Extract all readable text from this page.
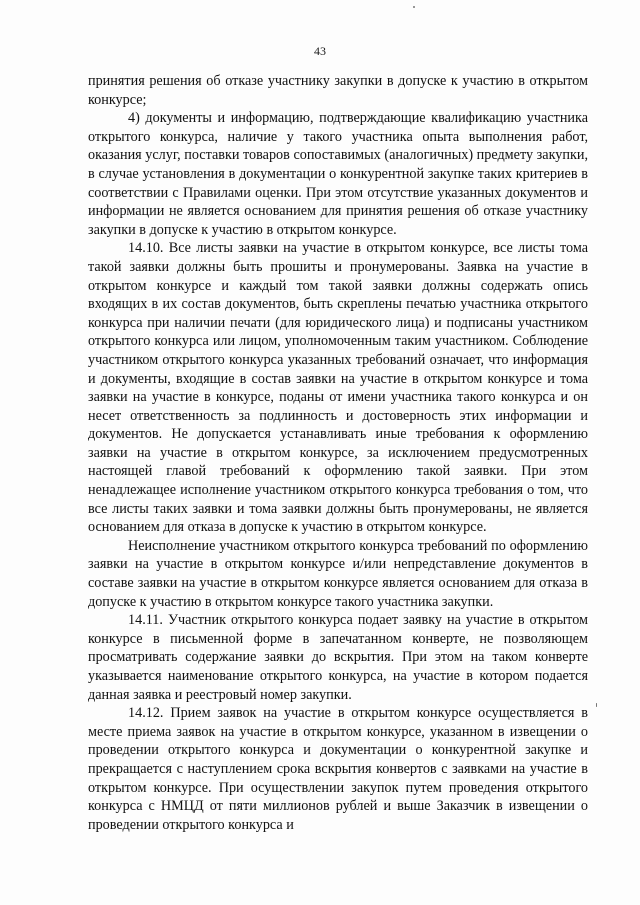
43

принятия решения об отказе участнику закупки в допуске к участию в открытом конкурсе;

4) документы и информацию, подтверждающие квалификацию участника открытого конкурса, наличие у такого участника опыта выполнения работ, оказания услуг, поставки товаров сопоставимых (аналогичных) предмету закупки, в случае установления в документации о конкурентной закупке таких критериев в соответствии с Правилами оценки. При этом отсутствие указанных документов и информации не является основанием для принятия решения об отказе участнику закупки в допуске к участию в открытом конкурсе.

14.10. Все листы заявки на участие в открытом конкурсе, все листы тома такой заявки должны быть прошиты и пронумерованы. Заявка на участие в открытом конкурсе и каждый том такой заявки должны содержать опись входящих в их состав документов, быть скреплены печатью участника открытого конкурса при наличии печати (для юридического лица) и подписаны участником открытого конкурса или лицом, уполномоченным таким участником. Соблюдение участником открытого конкурса указанных требований означает, что информация и документы, входящие в состав заявки на участие в открытом конкурсе и тома заявки на участие в конкурсе, поданы от имени участника такого конкурса и он несет ответственность за подлинность и достоверность этих информации и документов. Не допускается устанавливать иные требования к оформлению заявки на участие в открытом конкурсе, за исключением предусмотренных настоящей главой требований к оформлению такой заявки. При этом ненадлежащее исполнение участником открытого конкурса требования о том, что все листы таких заявки и тома заявки должны быть пронумерованы, не является основанием для отказа в допуске к участию в открытом конкурсе.

Неисполнение участником открытого конкурса требований по оформлению заявки на участие в открытом конкурсе и/или непредставление документов в составе заявки на участие в открытом конкурсе является основанием для отказа в допуске к участию в открытом конкурсе такого участника закупки.

14.11. Участник открытого конкурса подает заявку на участие в открытом конкурсе в письменной форме в запечатанном конверте, не позволяющем просматривать содержание заявки до вскрытия. При этом на таком конверте указывается наименование открытого конкурса, на участие в котором подается данная заявка и реестровый номер закупки.

14.12. Прием заявок на участие в открытом конкурсе осуществляется в месте приема заявок на участие в открытом конкурсе, указанном в извещении о проведении открытого конкурса и документации о конкурентной закупке и прекращается с наступлением срока вскрытия конвертов с заявками на участие в открытом конкурсе. При осуществлении закупок путем проведения открытого конкурса с НМЦД от пяти миллионов рублей и выше Заказчик в извещении о проведении открытого конкурса и
